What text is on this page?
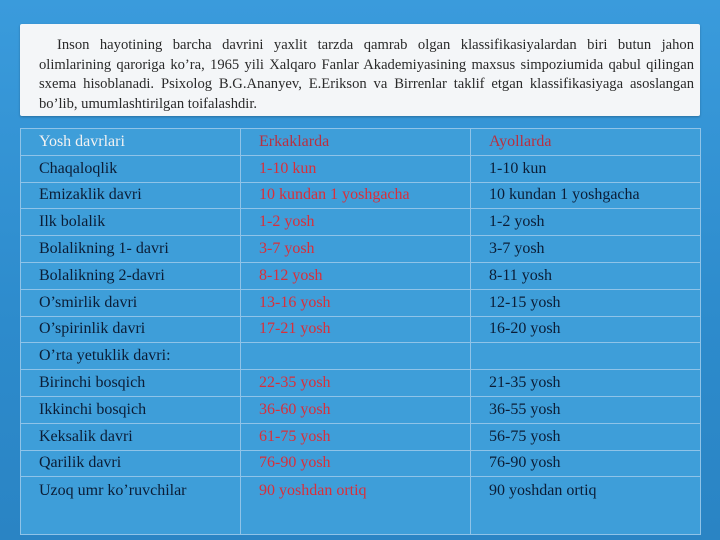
Inson hayotining barcha davrini yaxlit tarzda qamrab olgan klassifikasiyalardan biri butun jahon olimlarining qaroriga ko’ra, 1965 yili Xalqaro Fanlar Akademiyasining maxsus simpoziumida qabul qilingan sxema hisoblanadi. Psixolog B.G.Ananyev, E.Erikson va Birrenlar taklif etgan klassifikasiyaga asoslangan bo’lib, umumlashtirilgan toifalashdir.

Yosh davrlari	Erkaklarda	Ayollarda
Chaqaloqlik	1-10 kun	1-10 kun
Emizaklik davri	10 kundan 1 yoshgacha	10 kundan 1 yoshgacha
Ilk bolalik	1-2 yosh	1-2 yosh
Bolalikning 1- davri	3-7 yosh	3-7 yosh
Bolalikning 2-davri	8-12 yosh	8-11 yosh
O’smirlik davri	13-16 yosh	12-15 yosh
O’spirinlik davri	17-21 yosh	16-20 yosh
O’rta yetuklik davri:		
Birinchi bosqich	22-35 yosh	21-35 yosh
Ikkinchi bosqich	36-60 yosh	36-55 yosh
Keksalik davri	61-75 yosh	56-75 yosh
Qarilik davri	76-90 yosh	76-90 yosh
Uzoq umr ko’ruvchilar	90 yoshdan ortiq	90 yoshdan ortiq
